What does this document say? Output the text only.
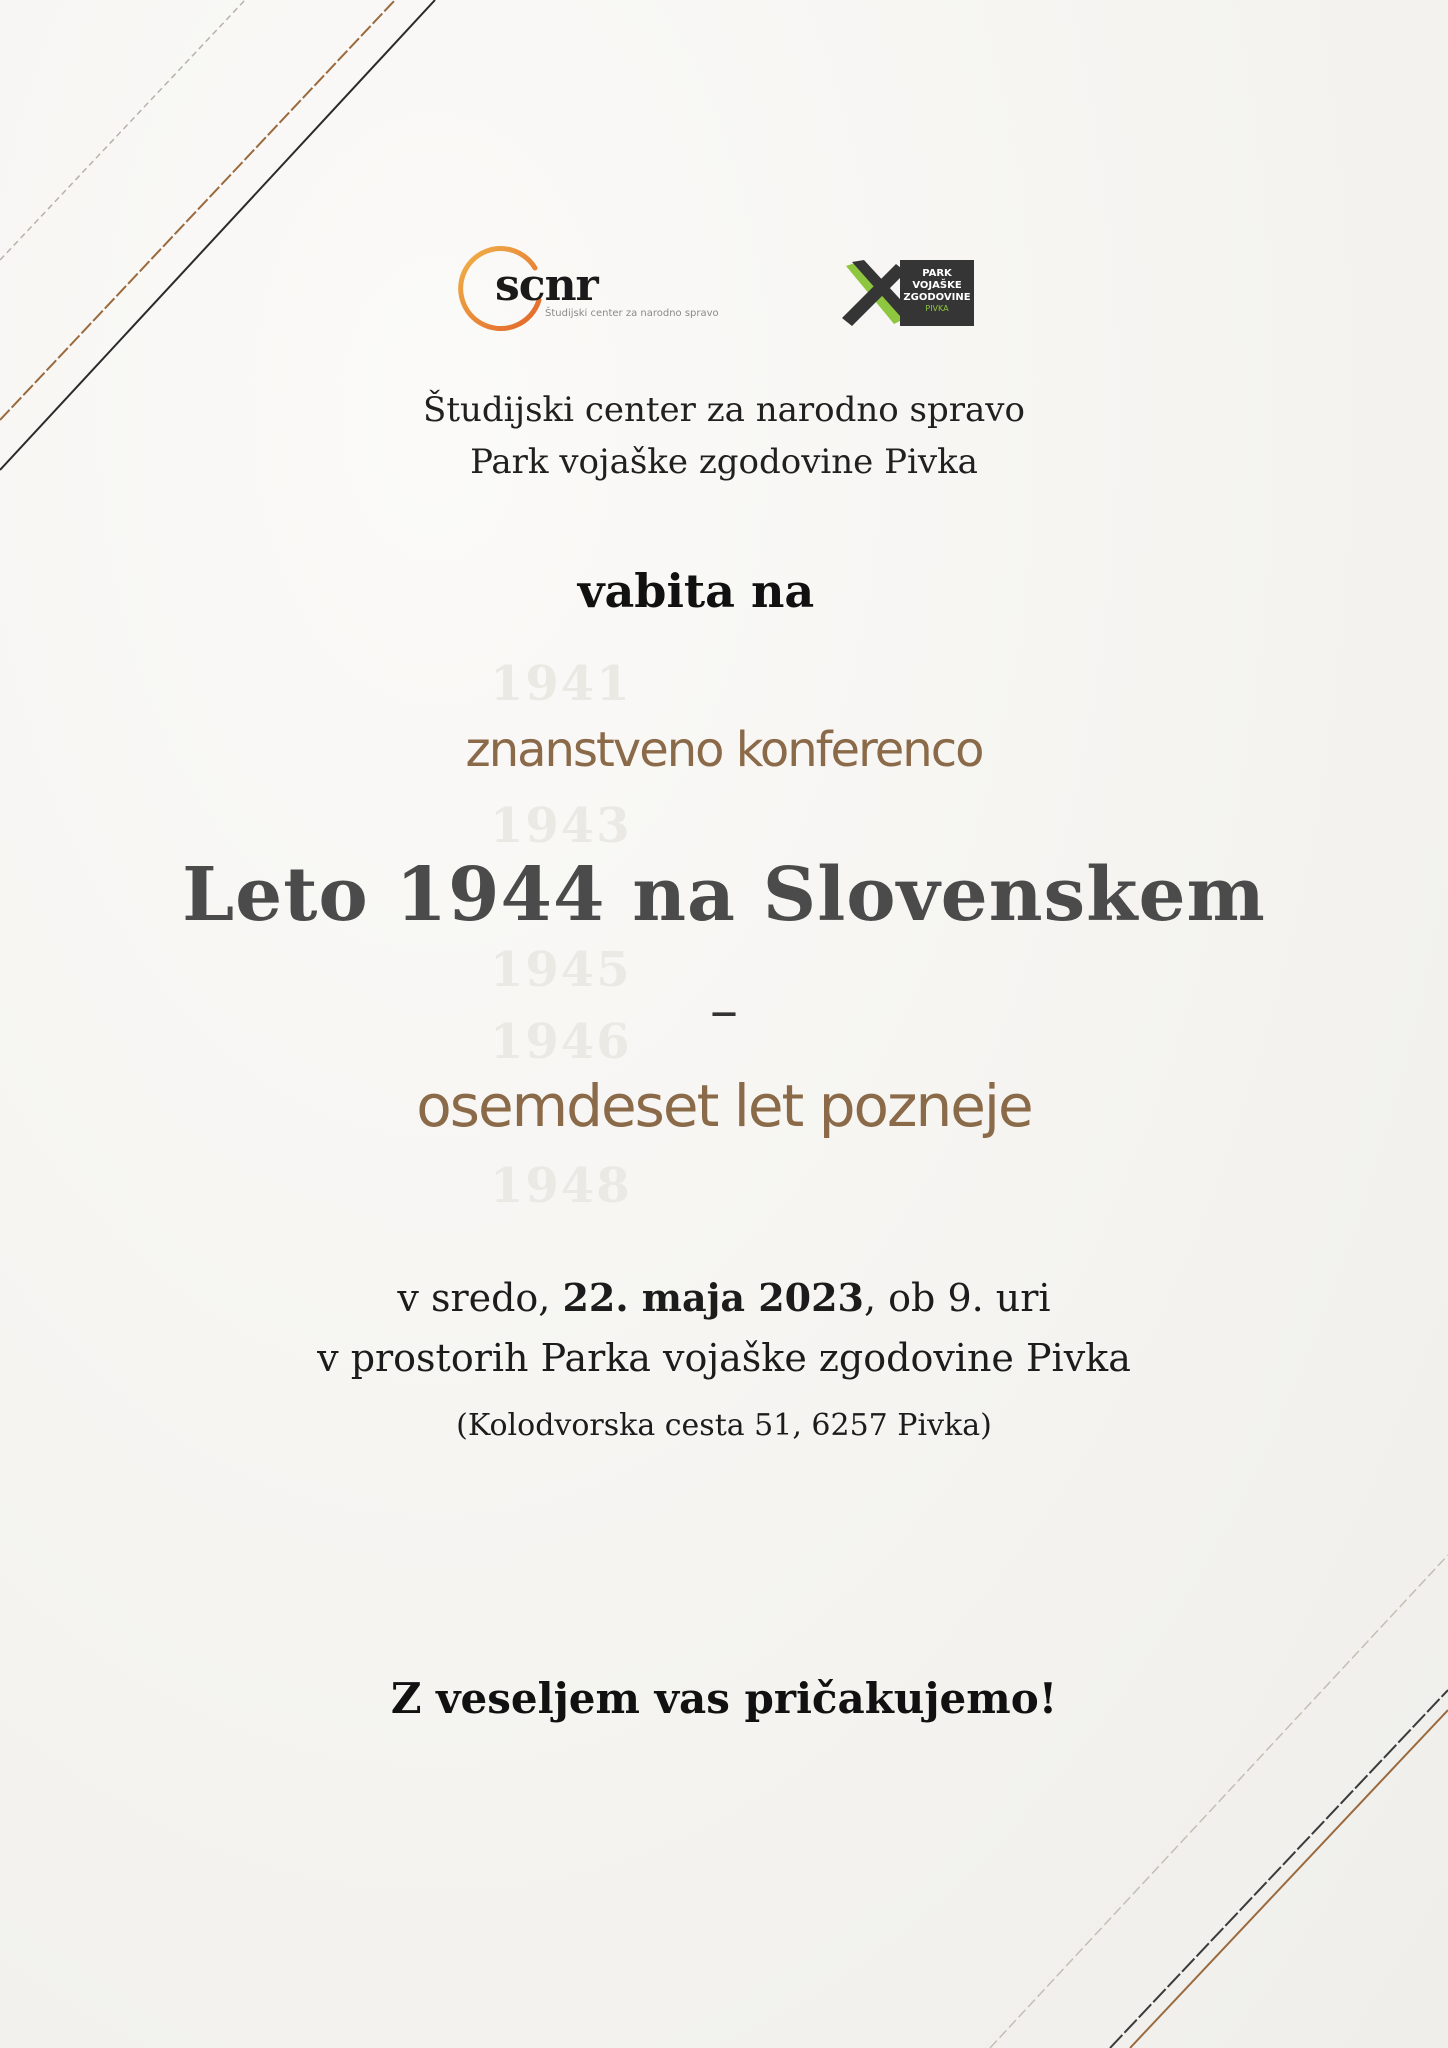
scnr
Študijski center za narodno spravo
PARK
VOJAŠKE
ZGODOVINE
PIVKA
Študijski center za narodno spravo
Park vojaške zgodovine Pivka
vabita na
1941
1943
1945
1946
1948
znanstveno konferenco
Leto 1944 na Slovenskem
–
osemdeset let pozneje
v sredo, 22. maja 2023, ob 9. uri
v prostorih Parka vojaške zgodovine Pivka
(Kolodvorska cesta 51, 6257 Pivka)
Z veseljem vas pričakujemo!
